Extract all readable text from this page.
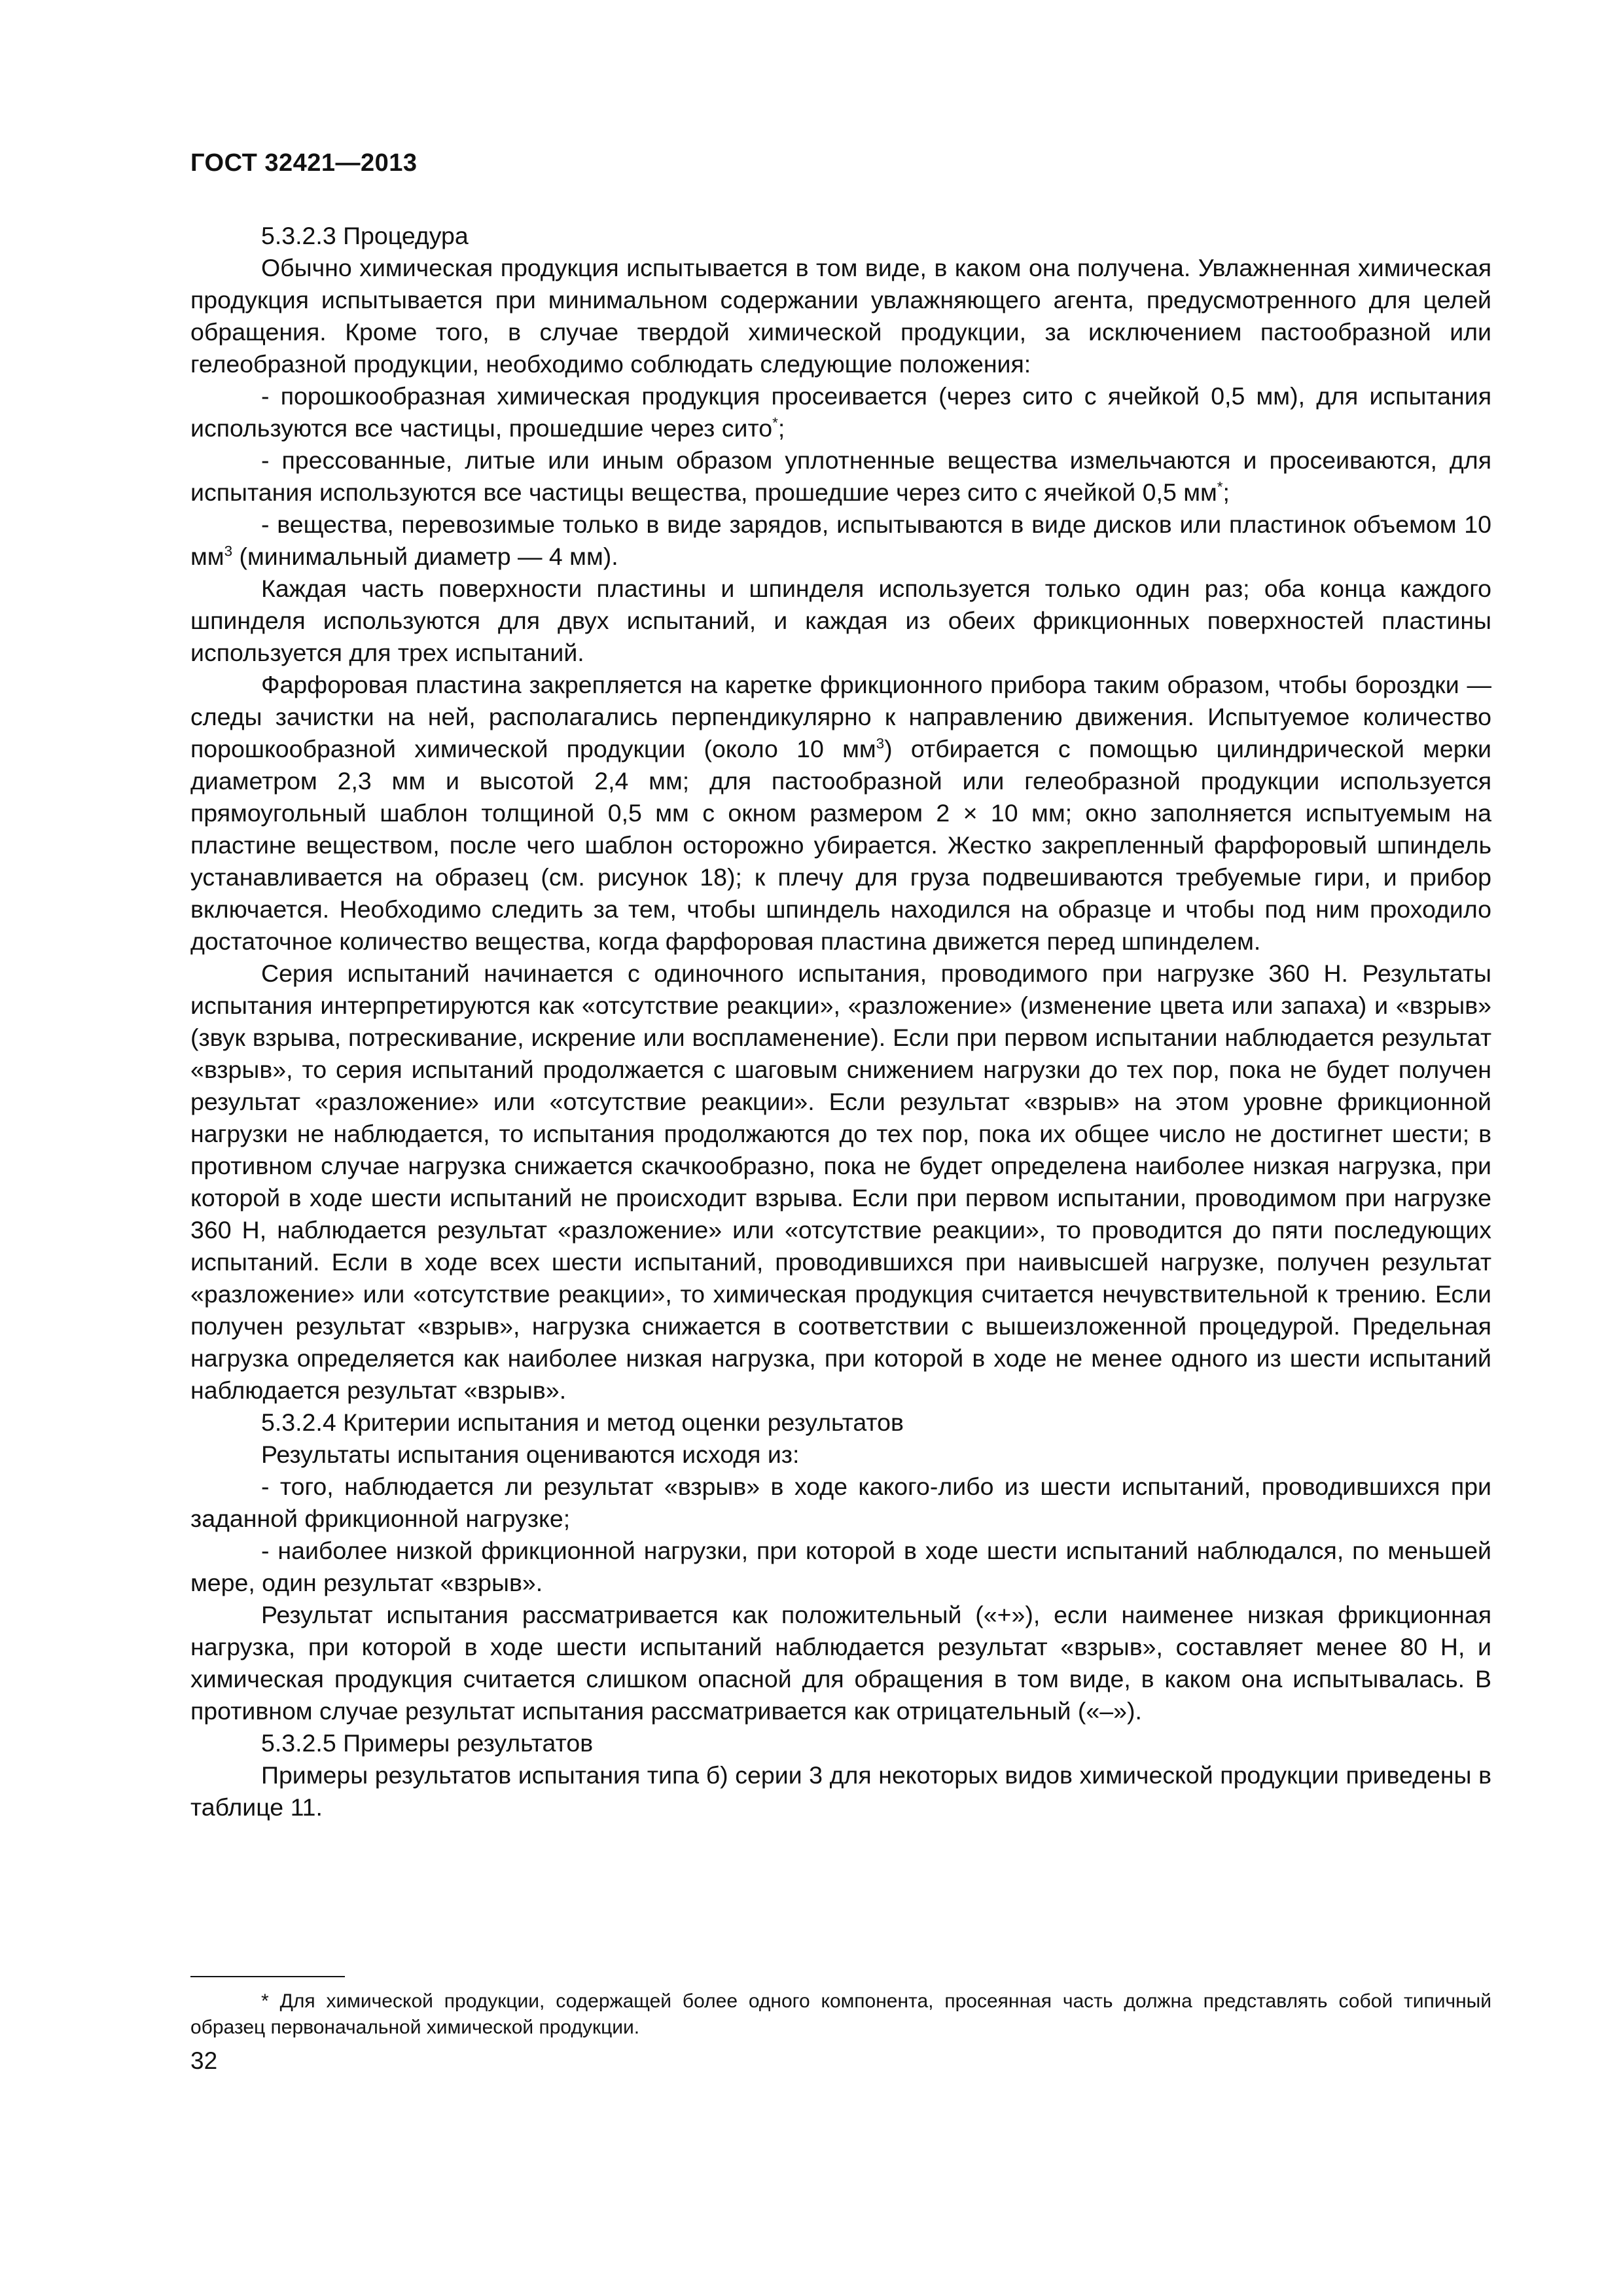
ГОСТ 32421—2013

5.3.2.3 Процедура

Обычно химическая продукция испытывается в том виде, в каком она получена. Увлажненная химическая продукция испытывается при минимальном содержании увлажняющего агента, предусмотренного для целей обращения. Кроме того, в случае твердой химической продукции, за исключением пастообразной или гелеобразной продукции, необходимо соблюдать следующие положения:

- порошкообразная химическая продукция просеивается (через сито с ячейкой 0,5 мм), для испытания используются все частицы, прошедшие через сито*;

- прессованные, литые или иным образом уплотненные вещества измельчаются и просеиваются, для испытания используются все частицы вещества, прошедшие через сито с ячейкой 0,5 мм*;

- вещества, перевозимые только в виде зарядов, испытываются в виде дисков или пластинок объемом 10 $мм^3$ (минимальный диаметр — 4 мм).

Каждая часть поверхности пластины и шпинделя используется только один раз; оба конца каждого шпинделя используются для двух испытаний, и каждая из обеих фрикционных поверхностей пластины используется для трех испытаний.

Фарфоровая пластина закрепляется на каретке фрикционного прибора таким образом, чтобы бороздки — следы зачистки на ней, располагались перпендикулярно к направлению движения. Испытуемое количество порошкообразной химической продукции (около 10 $мм^3$) отбирается с помощью цилиндрической мерки диаметром 2,3 мм и высотой 2,4 мм; для пастообразной или гелеобразной продукции используется прямоугольный шаблон толщиной 0,5 мм с окном размером 2 × 10 мм; окно заполняется испытуемым на пластине веществом, после чего шаблон осторожно убирается. Жестко закрепленный фарфоровый шпиндель устанавливается на образец (см. рисунок 18); к плечу для груза подвешиваются требуемые гири, и прибор включается. Необходимо следить за тем, чтобы шпиндель находился на образце и чтобы под ним проходило достаточное количество вещества, когда фарфоровая пластина движется перед шпинделем.

Серия испытаний начинается с одиночного испытания, проводимого при нагрузке 360 Н. Результаты испытания интерпретируются как «отсутствие реакции», «разложение» (изменение цвета или запаха) и «взрыв» (звук взрыва, потрескивание, искрение или воспламенение). Если при первом испытании наблюдается результат «взрыв», то серия испытаний продолжается с шаговым снижением нагрузки до тех пор, пока не будет получен результат «разложение» или «отсутствие реакции». Если результат «взрыв» на этом уровне фрикционной нагрузки не наблюдается, то испытания продолжаются до тех пор, пока их общее число не достигнет шести; в противном случае нагрузка снижается скачкообразно, пока не будет определена наиболее низкая нагрузка, при которой в ходе шести испытаний не происходит взрыва. Если при первом испытании, проводимом при нагрузке 360 Н, наблюдается результат «разложение» или «отсутствие реакции», то проводится до пяти последующих испытаний. Если в ходе всех шести испытаний, проводившихся при наивысшей нагрузке, получен результат «разложение» или «отсутствие реакции», то химическая продукция считается нечувствительной к трению. Если получен результат «взрыв», нагрузка снижается в соответствии с вышеизложенной процедурой. Предельная нагрузка определяется как наиболее низкая нагрузка, при которой в ходе не менее одного из шести испытаний наблюдается результат «взрыв».

5.3.2.4 Критерии испытания и метод оценки результатов

Результаты испытания оцениваются исходя из:

- того, наблюдается ли результат «взрыв» в ходе какого-либо из шести испытаний, проводившихся при заданной фрикционной нагрузке;

- наиболее низкой фрикционной нагрузки, при которой в ходе шести испытаний наблюдался, по меньшей мере, один результат «взрыв».

Результат испытания рассматривается как положительный («+»), если наименее низкая фрикционная нагрузка, при которой в ходе шести испытаний наблюдается результат «взрыв», составляет менее 80 Н, и химическая продукция считается слишком опасной для обращения в том виде, в каком она испытывалась. В противном случае результат испытания рассматривается как отрицательный («–»).

5.3.2.5 Примеры результатов

Примеры результатов испытания типа б) серии 3 для некоторых видов химической продукции приведены в таблице 11.

* Для химической продукции, содержащей более одного компонента, просеянная часть должна представлять собой типичный образец первоначальной химической продукции.
32
